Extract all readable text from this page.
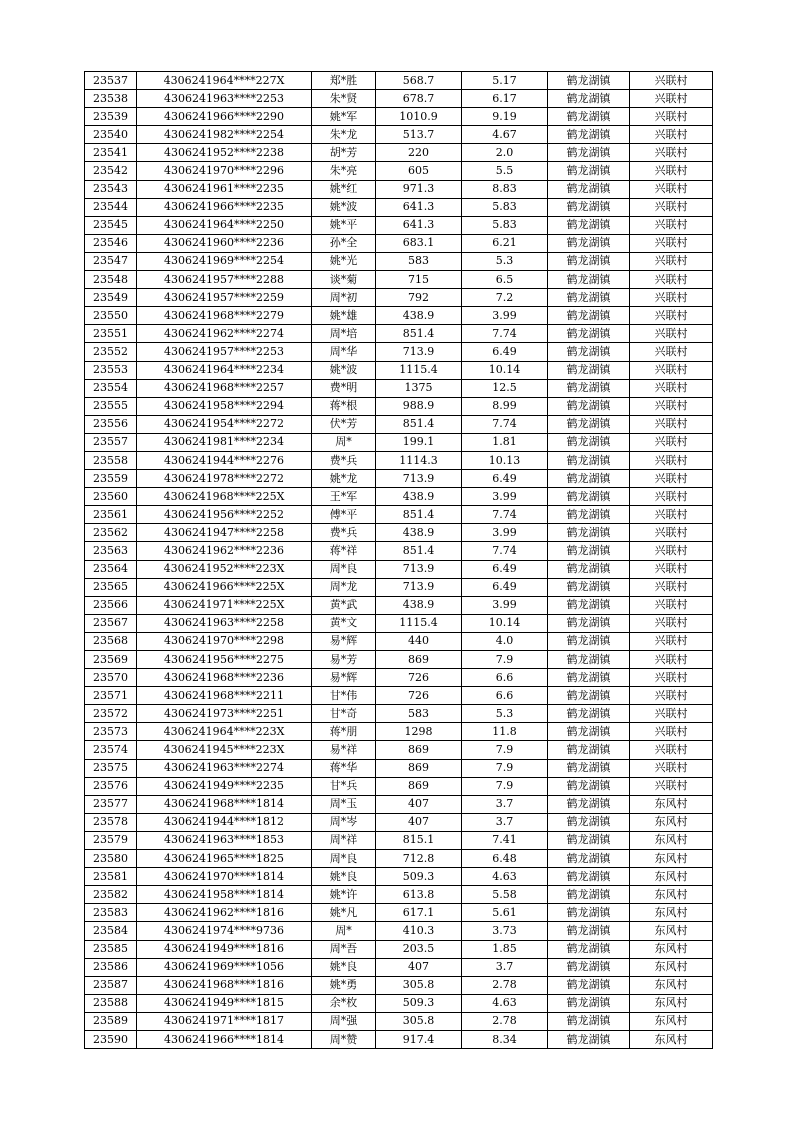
23537	4306241964****227X	郑*胜	568.7	5.17	鹤龙湖镇	兴联村
23538	4306241963****2253	朱*贤	678.7	6.17	鹤龙湖镇	兴联村
23539	4306241966****2290	姚*军	1010.9	9.19	鹤龙湖镇	兴联村
23540	4306241982****2254	朱*龙	513.7	4.67	鹤龙湖镇	兴联村
23541	4306241952****2238	胡*芳	220	2.0	鹤龙湖镇	兴联村
23542	4306241970****2296	朱*亮	605	5.5	鹤龙湖镇	兴联村
23543	4306241961****2235	姚*红	971.3	8.83	鹤龙湖镇	兴联村
23544	4306241966****2235	姚*波	641.3	5.83	鹤龙湖镇	兴联村
23545	4306241964****2250	姚*平	641.3	5.83	鹤龙湖镇	兴联村
23546	4306241960****2236	孙*全	683.1	6.21	鹤龙湖镇	兴联村
23547	4306241969****2254	姚*光	583	5.3	鹤龙湖镇	兴联村
23548	4306241957****2288	谈*菊	715	6.5	鹤龙湖镇	兴联村
23549	4306241957****2259	周*初	792	7.2	鹤龙湖镇	兴联村
23550	4306241968****2279	姚*雄	438.9	3.99	鹤龙湖镇	兴联村
23551	4306241962****2274	周*培	851.4	7.74	鹤龙湖镇	兴联村
23552	4306241957****2253	周*华	713.9	6.49	鹤龙湖镇	兴联村
23553	4306241964****2234	姚*波	1115.4	10.14	鹤龙湖镇	兴联村
23554	4306241968****2257	费*明	1375	12.5	鹤龙湖镇	兴联村
23555	4306241958****2294	蒋*根	988.9	8.99	鹤龙湖镇	兴联村
23556	4306241954****2272	伏*芳	851.4	7.74	鹤龙湖镇	兴联村
23557	4306241981****2234	周*	199.1	1.81	鹤龙湖镇	兴联村
23558	4306241944****2276	费*兵	1114.3	10.13	鹤龙湖镇	兴联村
23559	4306241978****2272	姚*龙	713.9	6.49	鹤龙湖镇	兴联村
23560	4306241968****225X	王*军	438.9	3.99	鹤龙湖镇	兴联村
23561	4306241956****2252	傅*平	851.4	7.74	鹤龙湖镇	兴联村
23562	4306241947****2258	费*兵	438.9	3.99	鹤龙湖镇	兴联村
23563	4306241962****2236	蒋*祥	851.4	7.74	鹤龙湖镇	兴联村
23564	4306241952****223X	周*良	713.9	6.49	鹤龙湖镇	兴联村
23565	4306241966****225X	周*龙	713.9	6.49	鹤龙湖镇	兴联村
23566	4306241971****225X	黄*武	438.9	3.99	鹤龙湖镇	兴联村
23567	4306241963****2258	黄*文	1115.4	10.14	鹤龙湖镇	兴联村
23568	4306241970****2298	易*辉	440	4.0	鹤龙湖镇	兴联村
23569	4306241956****2275	易*芳	869	7.9	鹤龙湖镇	兴联村
23570	4306241968****2236	易*辉	726	6.6	鹤龙湖镇	兴联村
23571	4306241968****2211	甘*伟	726	6.6	鹤龙湖镇	兴联村
23572	4306241973****2251	甘*奇	583	5.3	鹤龙湖镇	兴联村
23573	4306241964****223X	蒋*朋	1298	11.8	鹤龙湖镇	兴联村
23574	4306241945****223X	易*祥	869	7.9	鹤龙湖镇	兴联村
23575	4306241963****2274	蒋*华	869	7.9	鹤龙湖镇	兴联村
23576	4306241949****2235	甘*兵	869	7.9	鹤龙湖镇	兴联村
23577	4306241968****1814	周*玉	407	3.7	鹤龙湖镇	东风村
23578	4306241944****1812	周*岑	407	3.7	鹤龙湖镇	东风村
23579	4306241963****1853	周*祥	815.1	7.41	鹤龙湖镇	东风村
23580	4306241965****1825	周*良	712.8	6.48	鹤龙湖镇	东风村
23581	4306241970****1814	姚*良	509.3	4.63	鹤龙湖镇	东风村
23582	4306241958****1814	姚*许	613.8	5.58	鹤龙湖镇	东风村
23583	4306241962****1816	姚*凡	617.1	5.61	鹤龙湖镇	东风村
23584	4306241974****9736	周*	410.3	3.73	鹤龙湖镇	东风村
23585	4306241949****1816	周*吾	203.5	1.85	鹤龙湖镇	东风村
23586	4306241969****1056	姚*良	407	3.7	鹤龙湖镇	东风村
23587	4306241968****1816	姚*勇	305.8	2.78	鹤龙湖镇	东风村
23588	4306241949****1815	余*枚	509.3	4.63	鹤龙湖镇	东风村
23589	4306241971****1817	周*强	305.8	2.78	鹤龙湖镇	东风村
23590	4306241966****1814	周*赞	917.4	8.34	鹤龙湖镇	东风村
